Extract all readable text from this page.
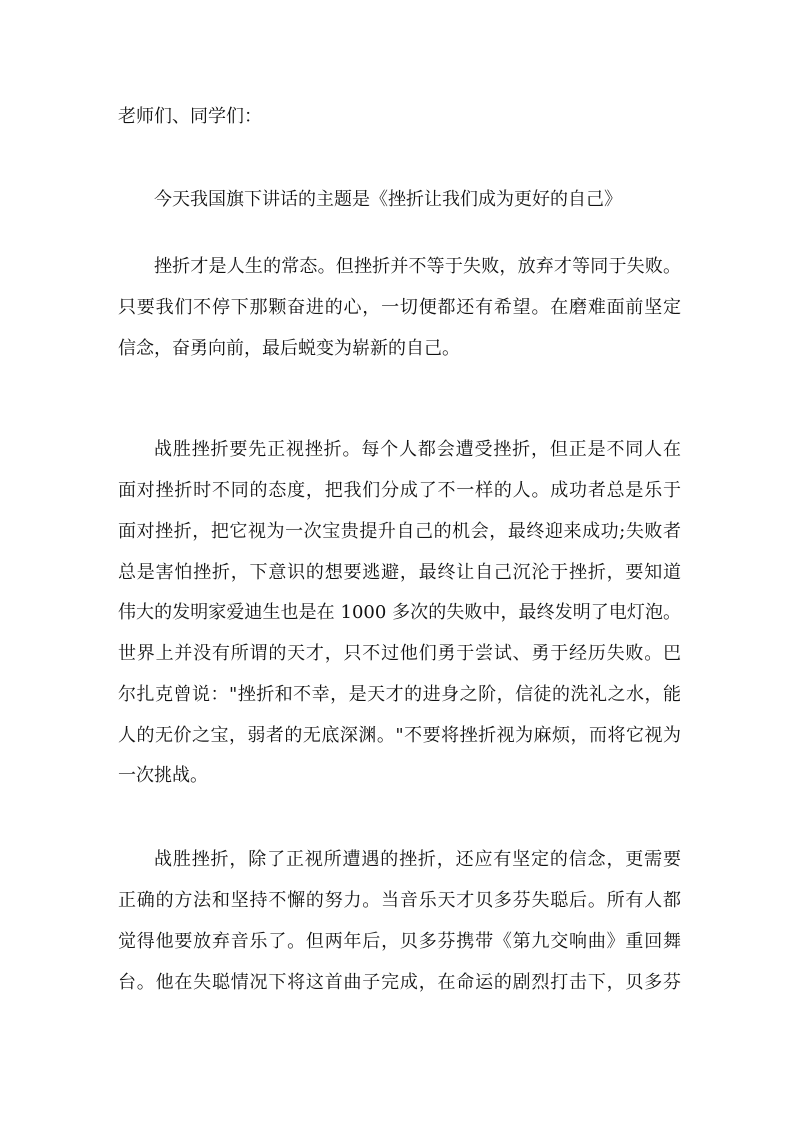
老师们、同学们：
今天我国旗下讲话的主题是《挫折让我们成为更好的自己》
挫折才是人生的常态。但挫折并不等于失败，放弃才等同于失败。
只要我们不停下那颗奋进的心，一切便都还有希望。在磨难面前坚定
信念，奋勇向前，最后蜕变为崭新的自己。
战胜挫折要先正视挫折。每个人都会遭受挫折，但正是不同人在
面对挫折时不同的态度，把我们分成了不一样的人。成功者总是乐于
面对挫折，把它视为一次宝贵提升自己的机会，最终迎来成功;失败者
总是害怕挫折，下意识的想要逃避，最终让自己沉沦于挫折，要知道
伟大的发明家爱迪生也是在 1000 多次的失败中，最终发明了电灯泡。
世界上并没有所谓的天才，只不过他们勇于尝试、勇于经历失败。巴
尔扎克曾说："挫折和不幸，是天才的进身之阶，信徒的洗礼之水，能
人的无价之宝，弱者的无底深渊。"不要将挫折视为麻烦，而将它视为
一次挑战。
战胜挫折，除了正视所遭遇的挫折，还应有坚定的信念，更需要
正确的方法和坚持不懈的努力。当音乐天才贝多芬失聪后。所有人都
觉得他要放弃音乐了。但两年后，贝多芬携带《第九交响曲》重回舞
台。他在失聪情况下将这首曲子完成，在命运的剧烈打击下，贝多芬
